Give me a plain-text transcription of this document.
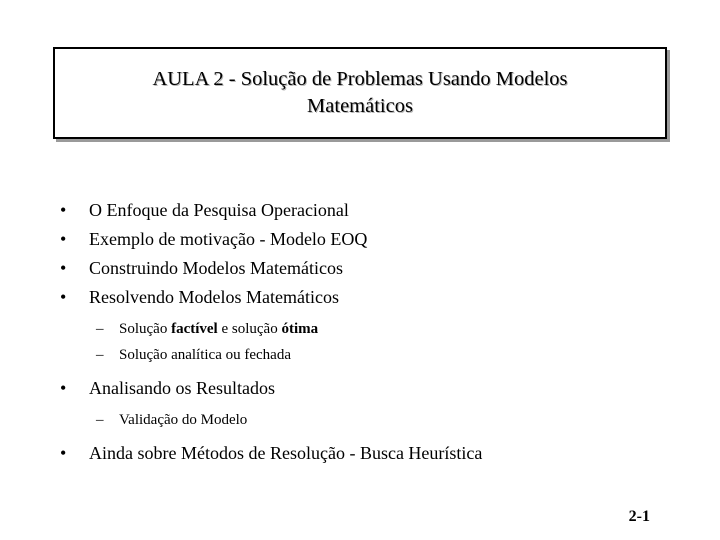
AULA 2 - Solução de Problemas Usando Modelos
Matemáticos
•	O Enfoque da Pesquisa Operacional
•	Exemplo de motivação - Modelo EOQ
•	Construindo Modelos Matemáticos
•	Resolvendo Modelos Matemáticos
– Solução factível e solução ótima
– Solução analítica ou fechada
•	Analisando os Resultados
– Validação do Modelo
•	Ainda sobre Métodos de Resolução - Busca Heurística
2-1
